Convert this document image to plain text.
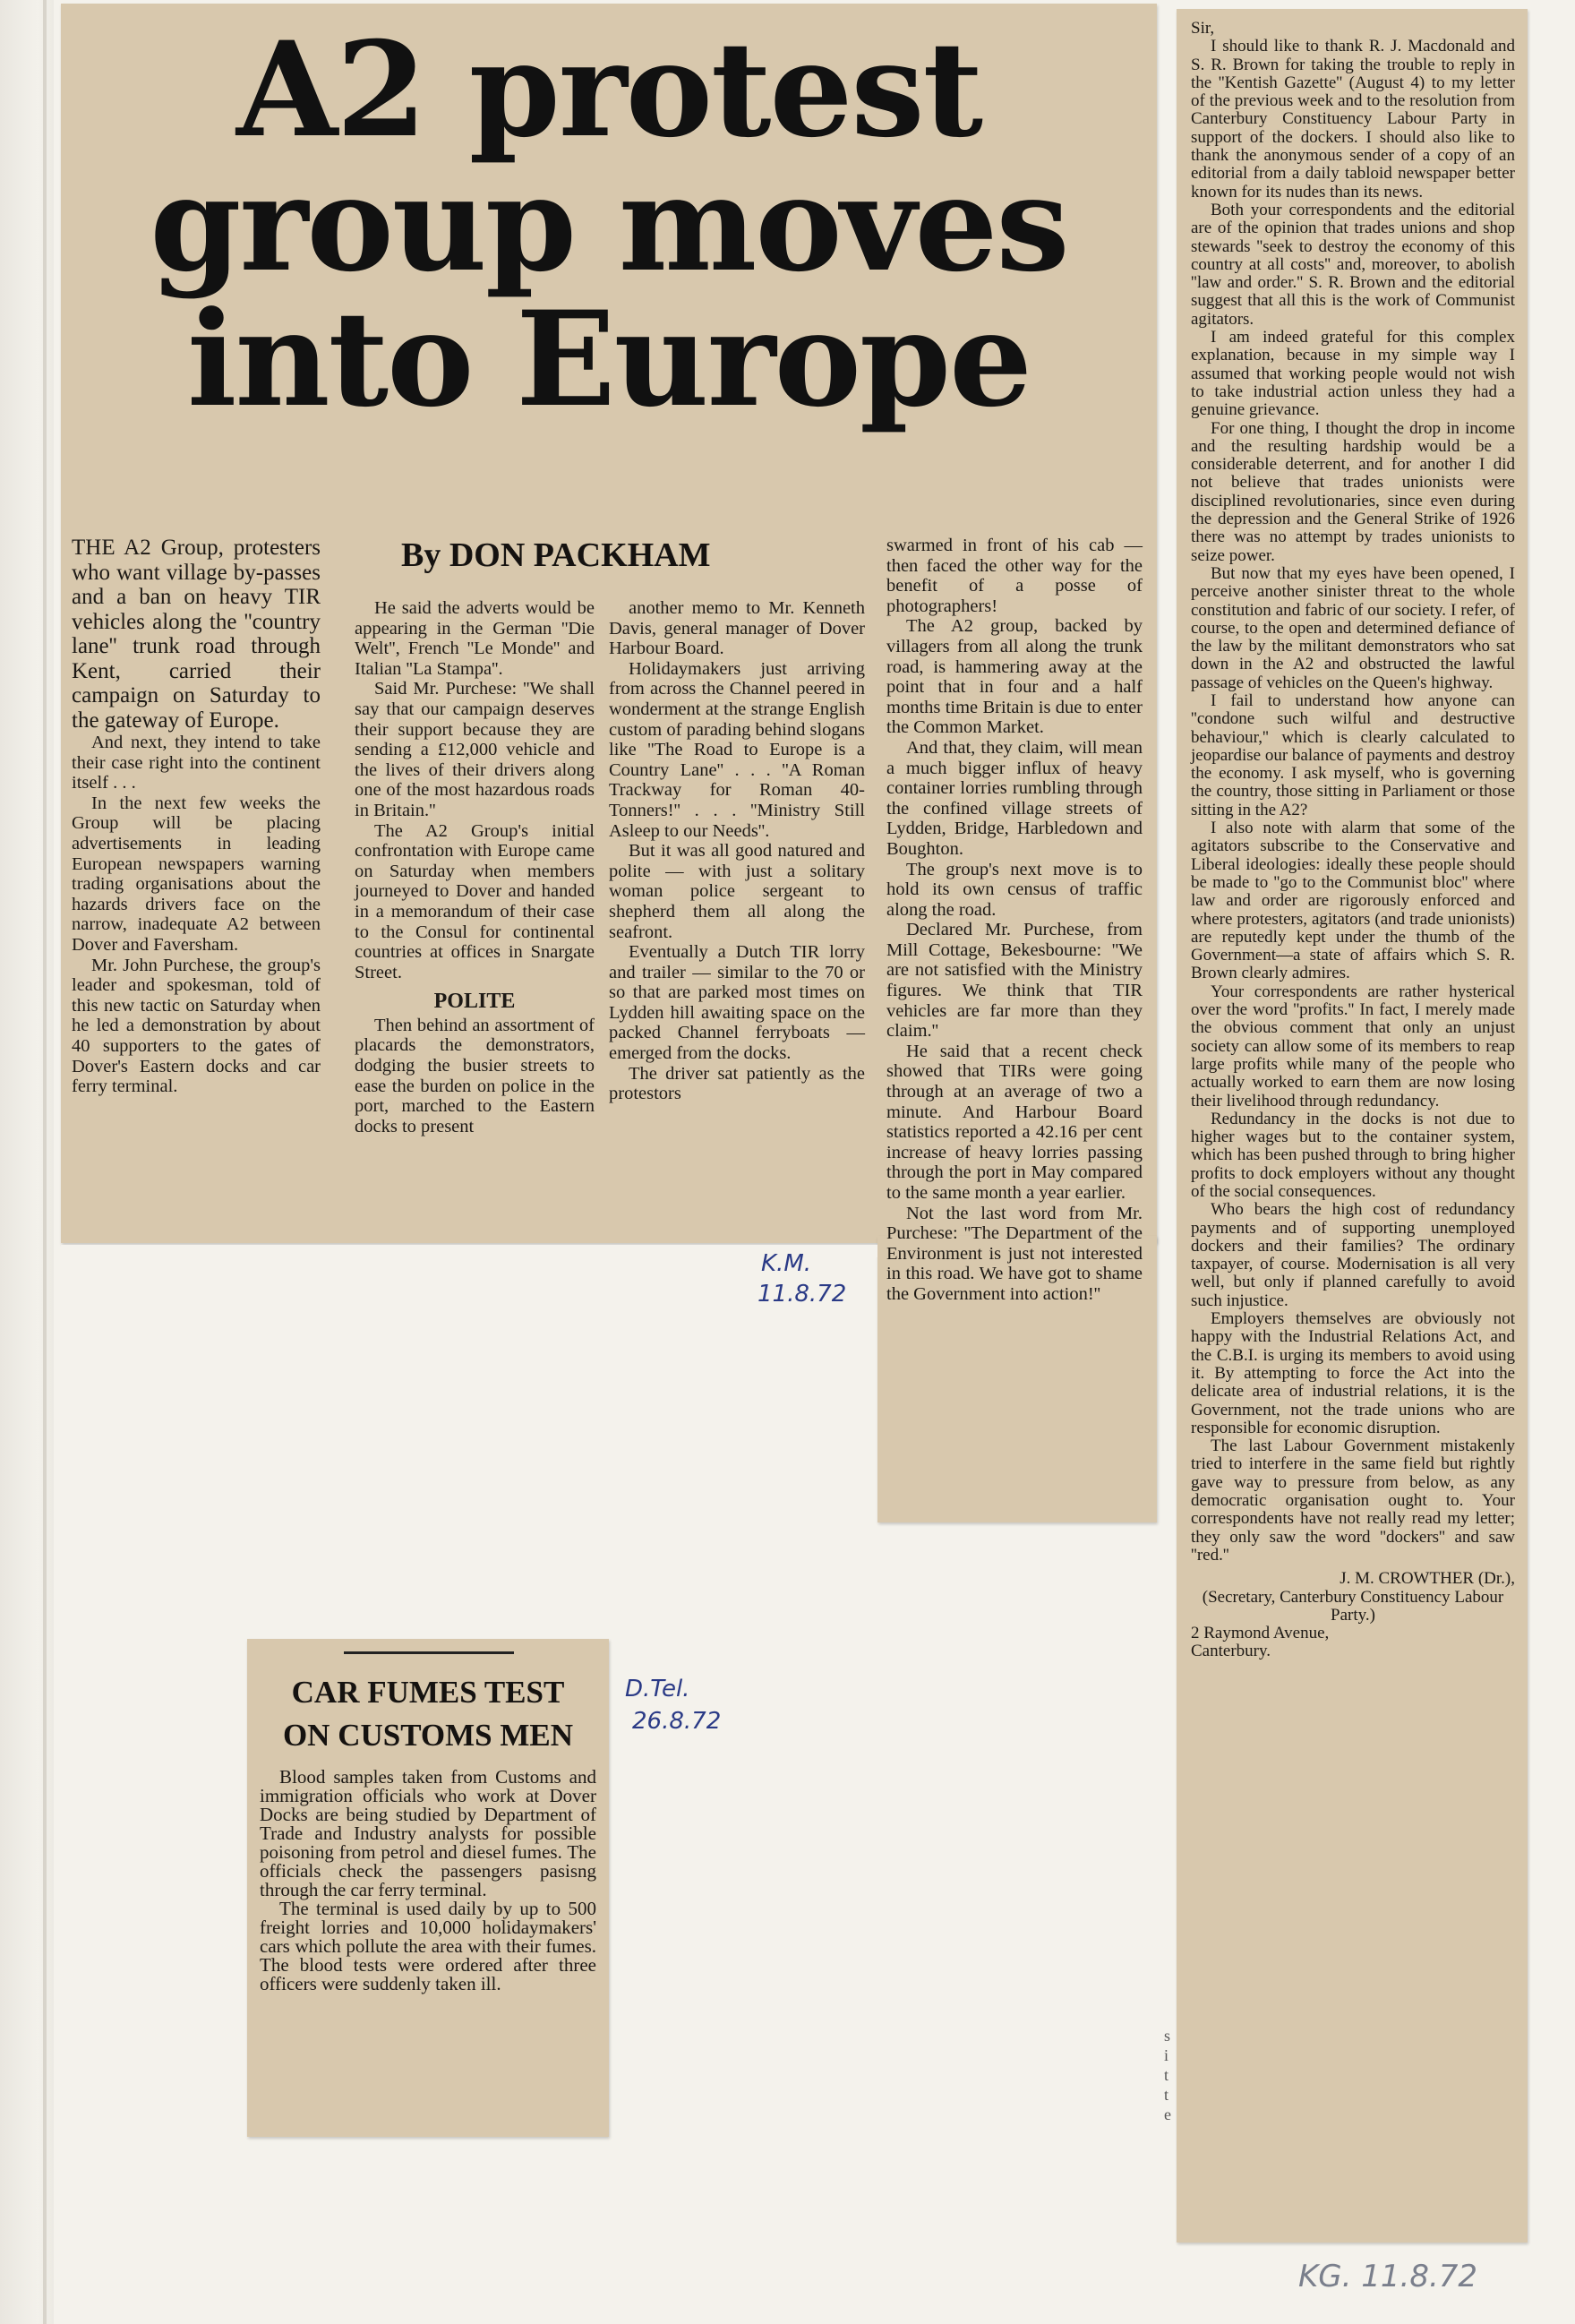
A2 protest
group moves
into Europe
By DON PACKHAM

THE A2 Group, protesters who want village by-passes and a ban on heavy TIR vehicles along the ''country lane'' trunk road through Kent, carried their campaign on Saturday to the gateway of Europe.

And next, they intend to take their case right into the continent itself . . .

In the next few weeks the Group will be placing advertisements in leading European newspapers warning trading organisations about the hazards drivers face on the narrow, inadequate A2 between Dover and Faversham.

Mr. John Purchese, the group's leader and spokesman, told of this new tactic on Saturday when he led a demonstration by about 40 supporters to the gates of Dover's Eastern docks and car ferry terminal.

He said the adverts would be appearing in the German ''Die Welt'', French ''Le Monde'' and Italian ''La Stampa''.

Said Mr. Purchese: ''We shall say that our campaign deserves their support because they are sending a £12,000 vehicle and the lives of their drivers along one of the most hazardous roads in Britain.''

The A2 Group's initial confrontation with Europe came on Saturday when members journeyed to Dover and handed in a memorandum of their case to the Consul for continental countries at offices in Snargate Street.

POLITE

Then behind an assortment of placards the demonstrators, dodging the busier streets to ease the burden on police in the port, marched to the Eastern docks to present

another memo to Mr. Kenneth Davis, general manager of Dover Harbour Board.

Holidaymakers just arriving from across the Channel peered in wonderment at the strange English custom of parading behind slogans like ''The Road to Europe is a Country Lane'' . . . ''A Roman Trackway for Roman 40-Tonners!'' . . . ''Ministry Still Asleep to our Needs''.

But it was all good natured and polite — with just a solitary woman police sergeant to shepherd them all along the seafront.

Eventually a Dutch TIR lorry and trailer — similar to the 70 or so that are parked most times on Lydden hill awaiting space on the packed Channel ferryboats — emerged from the docks.

The driver sat patiently as the protestors

swarmed in front of his cab — then faced the other way for the benefit of a posse of photographers!

The A2 group, backed by villagers from all along the trunk road, is hammering away at the point that in four and a half months time Britain is due to enter the Common Market.

And that, they claim, will mean a much bigger influx of heavy container lorries rumbling through the confined village streets of Lydden, Bridge, Harbledown and Boughton.

The group's next move is to hold its own census of traffic along the road.

Declared Mr. Purchese, from Mill Cottage, Bekesbourne: ''We are not satisfied with the Ministry figures. We think that TIR vehicles are far more than they claim.''

He said that a recent check showed that TIRs were going through at an average of two a minute. And Harbour Board statistics reported a 42.16 per cent increase of heavy lorries passing through the port in May compared to the same month a year earlier.

Not the last word from Mr. Purchese: ''The Department of the Environment is just not interested in this road. We have got to shame the Government into action!''

K.M.
11.8.72
CAR FUMES TEST
ON CUSTOMS MEN

Blood samples taken from Customs and immigration officials who work at Dover Docks are being studied by Department of Trade and Industry analysts for possible poisoning from petrol and diesel fumes. The officials check the passengers pasisng through the car ferry terminal.

The terminal is used daily by up to 500 freight lorries and 10,000 holidaymakers' cars which pollute the area with their fumes. The blood tests were ordered after three officers were suddenly taken ill.

D.Tel.
26.8.72

Sir,

I should like to thank R. J. Macdonald and S. R. Brown for taking the trouble to reply in the ''Kentish Gazette'' (August 4) to my letter of the previous week and to the resolution from Canterbury Constituency Labour Party in support of the dockers. I should also like to thank the anonymous sender of a copy of an editorial from a daily tabloid newspaper better known for its nudes than its news.

Both your correspondents and the editorial are of the opinion that trades unions and shop stewards ''seek to destroy the economy of this country at all costs'' and, moreover, to abolish ''law and order.'' S. R. Brown and the editorial suggest that all this is the work of Communist agitators.

I am indeed grateful for this complex explanation, because in my simple way I assumed that working people would not wish to take industrial action unless they had a genuine grievance.

For one thing, I thought the drop in income and the resulting hardship would be a considerable deterrent, and for another I did not believe that trades unionists were disciplined revolutionaries, since even during the depression and the General Strike of 1926 there was no attempt by trades unionists to seize power.

But now that my eyes have been opened, I perceive another sinister threat to the whole constitution and fabric of our society. I refer, of course, to the open and determined defiance of the law by the militant demonstrators who sat down in the A2 and obstructed the lawful passage of vehicles on the Queen's highway.

I fail to understand how anyone can ''condone such wilful and destructive behaviour,'' which is clearly calculated to jeopardise our balance of payments and destroy the economy. I ask myself, who is governing the country, those sitting in Parliament or those sitting in the A2?

I also note with alarm that some of the agitators subscribe to the Conservative and Liberal ideologies: ideally these people should be made to ''go to the Communist bloc'' where law and order are rigorously enforced and where protesters, agitators (and trade unionists) are reputedly kept under the thumb of the Government—a state of affairs which S. R. Brown clearly admires.

Your correspondents are rather hysterical over the word ''profits.'' In fact, I merely made the obvious comment that only an unjust society can allow some of its members to reap large profits while many of the people who actually worked to earn them are now losing their livelihood through redundancy.

Redundancy in the docks is not due to higher wages but to the container system, which has been pushed through to bring higher profits to dock employers without any thought of the social consequences.

Who bears the high cost of redundancy payments and of supporting unemployed dockers and their families? The ordinary taxpayer, of course. Modernisation is all very well, but only if planned carefully to avoid such injustice.

Employers themselves are obviously not happy with the Industrial Relations Act, and the C.B.I. is urging its members to avoid using it. By attempting to force the Act into the delicate area of industrial relations, it is the Government, not the trade unions who are responsible for economic disruption.

The last Labour Government mistakenly tried to interfere in the same field but rightly gave way to pressure from below, as any democratic organisation ought to. Your correspondents have not really read my letter; they only saw the word ''dockers'' and saw ''red.''

J. M. CROWTHER (Dr.),
(Secretary, Canterbury Constituency Labour Party.)
2 Raymond Avenue,
Canterbury.
s
i
t
t
e
KG. 11.8.72
